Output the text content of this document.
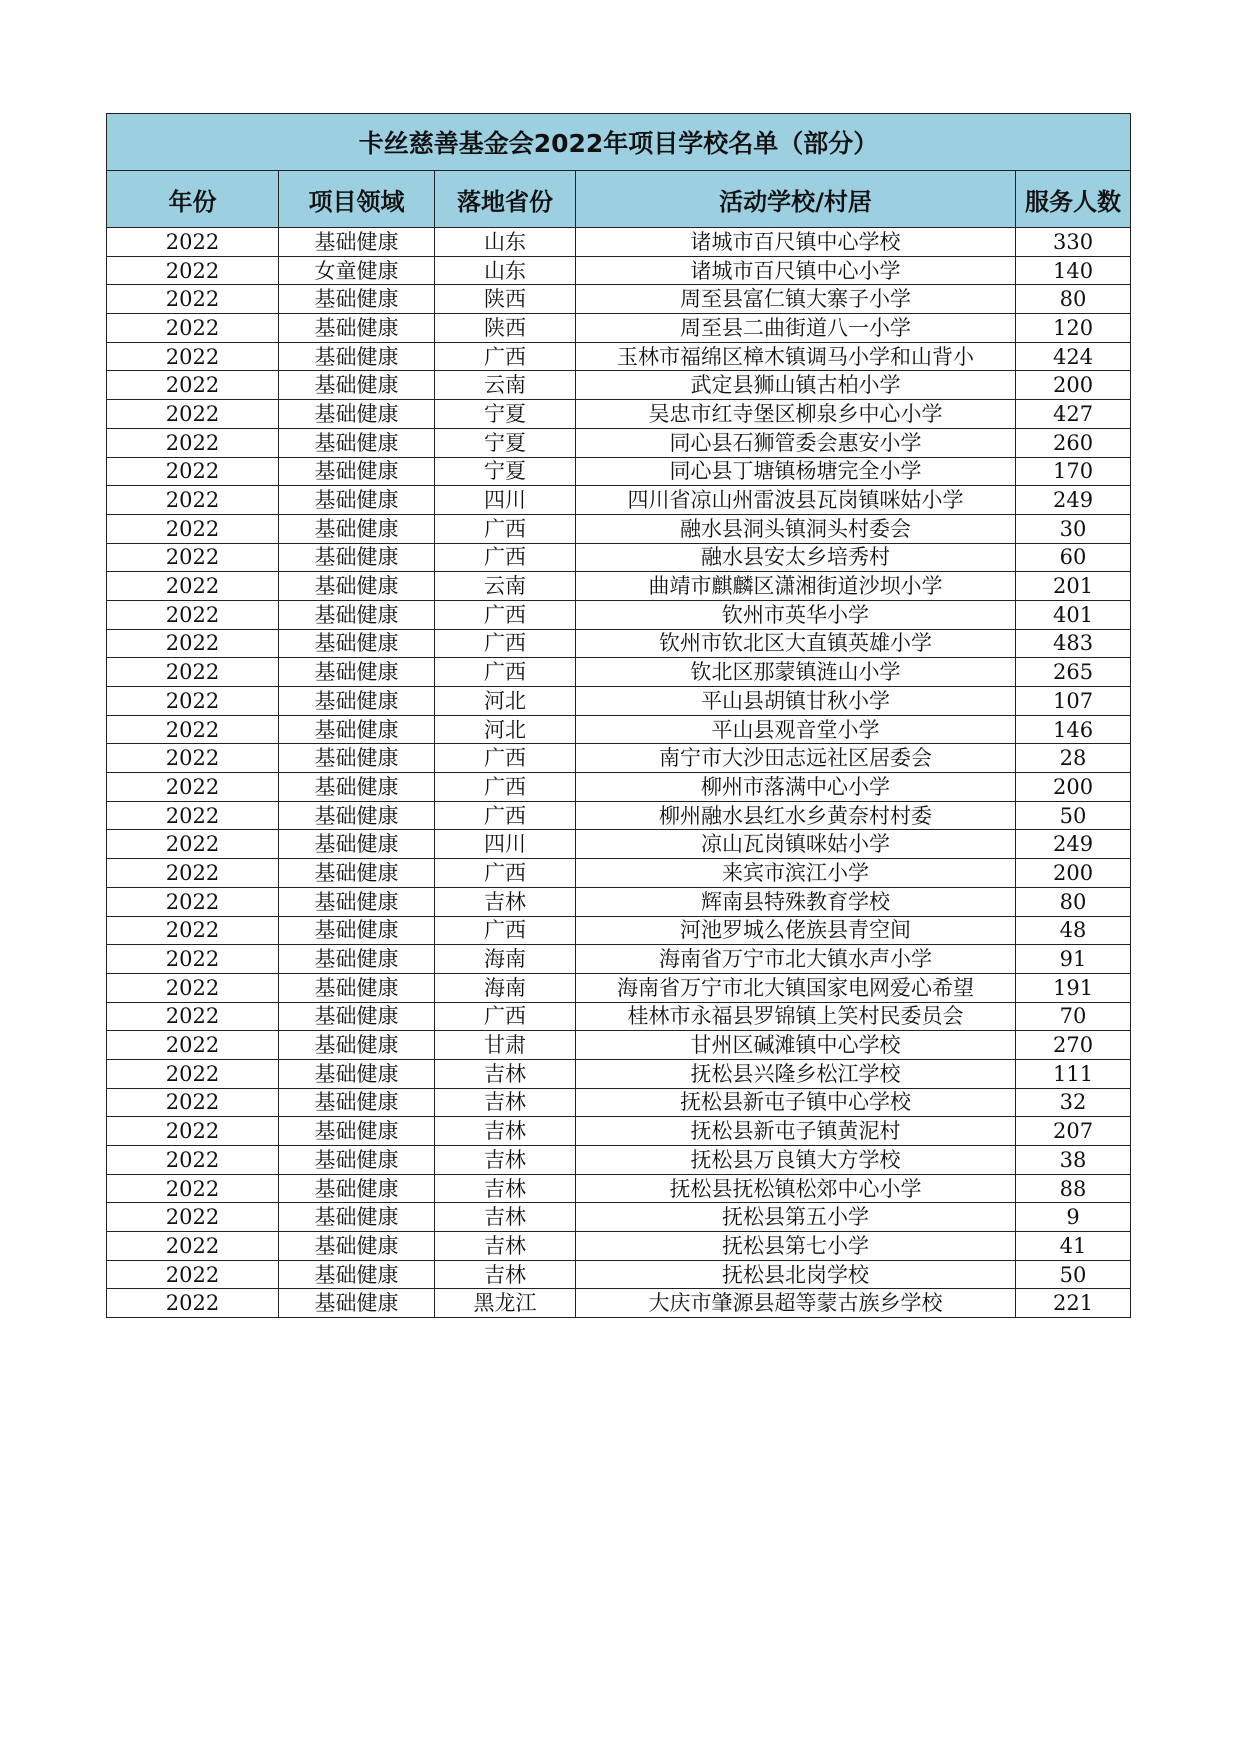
卡丝慈善基金会2022年项目学校名单（部分）				
年份	项目领域	落地省份	活动学校/村居	服务人数
2022	基础健康	山东	诸城市百尺镇中心学校	330
2022	女童健康	山东	诸城市百尺镇中心小学	140
2022	基础健康	陕西	周至县富仁镇大寨子小学	80
2022	基础健康	陕西	周至县二曲街道八一小学	120
2022	基础健康	广西	玉林市福绵区樟木镇调马小学和山背小	424
2022	基础健康	云南	武定县狮山镇古柏小学	200
2022	基础健康	宁夏	吴忠市红寺堡区柳泉乡中心小学	427
2022	基础健康	宁夏	同心县石狮管委会惠安小学	260
2022	基础健康	宁夏	同心县丁塘镇杨塘完全小学	170
2022	基础健康	四川	四川省凉山州雷波县瓦岗镇咪姑小学	249
2022	基础健康	广西	融水县洞头镇洞头村委会	30
2022	基础健康	广西	融水县安太乡培秀村	60
2022	基础健康	云南	曲靖市麒麟区潇湘街道沙坝小学	201
2022	基础健康	广西	钦州市英华小学	401
2022	基础健康	广西	钦州市钦北区大直镇英雄小学	483
2022	基础健康	广西	钦北区那蒙镇涟山小学	265
2022	基础健康	河北	平山县胡镇甘秋小学	107
2022	基础健康	河北	平山县观音堂小学	146
2022	基础健康	广西	南宁市大沙田志远社区居委会	28
2022	基础健康	广西	柳州市落满中心小学	200
2022	基础健康	广西	柳州融水县红水乡黄奈村村委	50
2022	基础健康	四川	凉山瓦岗镇咪姑小学	249
2022	基础健康	广西	来宾市滨江小学	200
2022	基础健康	吉林	辉南县特殊教育学校	80
2022	基础健康	广西	河池罗城么佬族县青空间	48
2022	基础健康	海南	海南省万宁市北大镇水声小学	91
2022	基础健康	海南	海南省万宁市北大镇国家电网爱心希望	191
2022	基础健康	广西	桂林市永福县罗锦镇上笑村民委员会	70
2022	基础健康	甘肃	甘州区碱滩镇中心学校	270
2022	基础健康	吉林	抚松县兴隆乡松江学校	111
2022	基础健康	吉林	抚松县新屯子镇中心学校	32
2022	基础健康	吉林	抚松县新屯子镇黄泥村	207
2022	基础健康	吉林	抚松县万良镇大方学校	38
2022	基础健康	吉林	抚松县抚松镇松郊中心小学	88
2022	基础健康	吉林	抚松县第五小学	9
2022	基础健康	吉林	抚松县第七小学	41
2022	基础健康	吉林	抚松县北岗学校	50
2022	基础健康	黑龙江	大庆市肇源县超等蒙古族乡学校	221
